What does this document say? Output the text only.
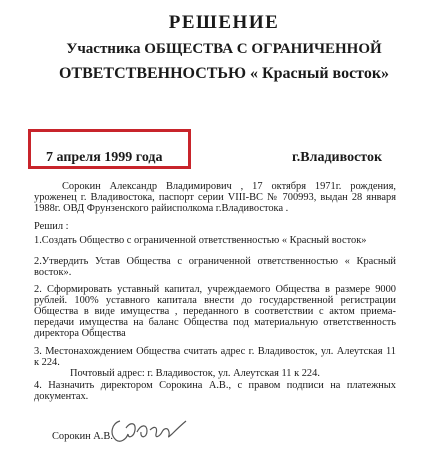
РЕШЕНИЕ
Участника ОБЩЕСТВА С ОГРАНИЧЕННОЙ
ОТВЕТСТВЕННОСТЬЮ « Красный восток»
7 апреля 1999 года	г.Владивосток
Сорокин Александр Владимирович , 17 октября 1971г. рождения, уроженец г. Владивостока, паспорт серии VIII-ВС № 700993, выдан 28 января 1988г. ОВД Фрунзенского райисполкома г.Владивостока .
Решил :
1.Создать Общество с ограниченной ответственностью « Красный восток»
2.Утвердить Устав Общества с ограниченной ответственностью « Красный восток».
2. Сформировать уставный капитал, учреждаемого Общества в размере 9000 рублей. 100% уставного капитала внести до государственной регистрации Общества в виде имущества , переданного в соответствии с актом приема-передачи имущества на баланс Общества под материальную ответственность директора Общества
3. Местонахождением Общества считать адрес г. Владивосток, ул. Алеутская 11 к 224.
Почтовый адрес: г. Владивосток, ул. Алеутская 11 к 224.
4. Назначить директором Сорокина А.В., с правом подписи на платежных документах.
Сорокин А.В.
